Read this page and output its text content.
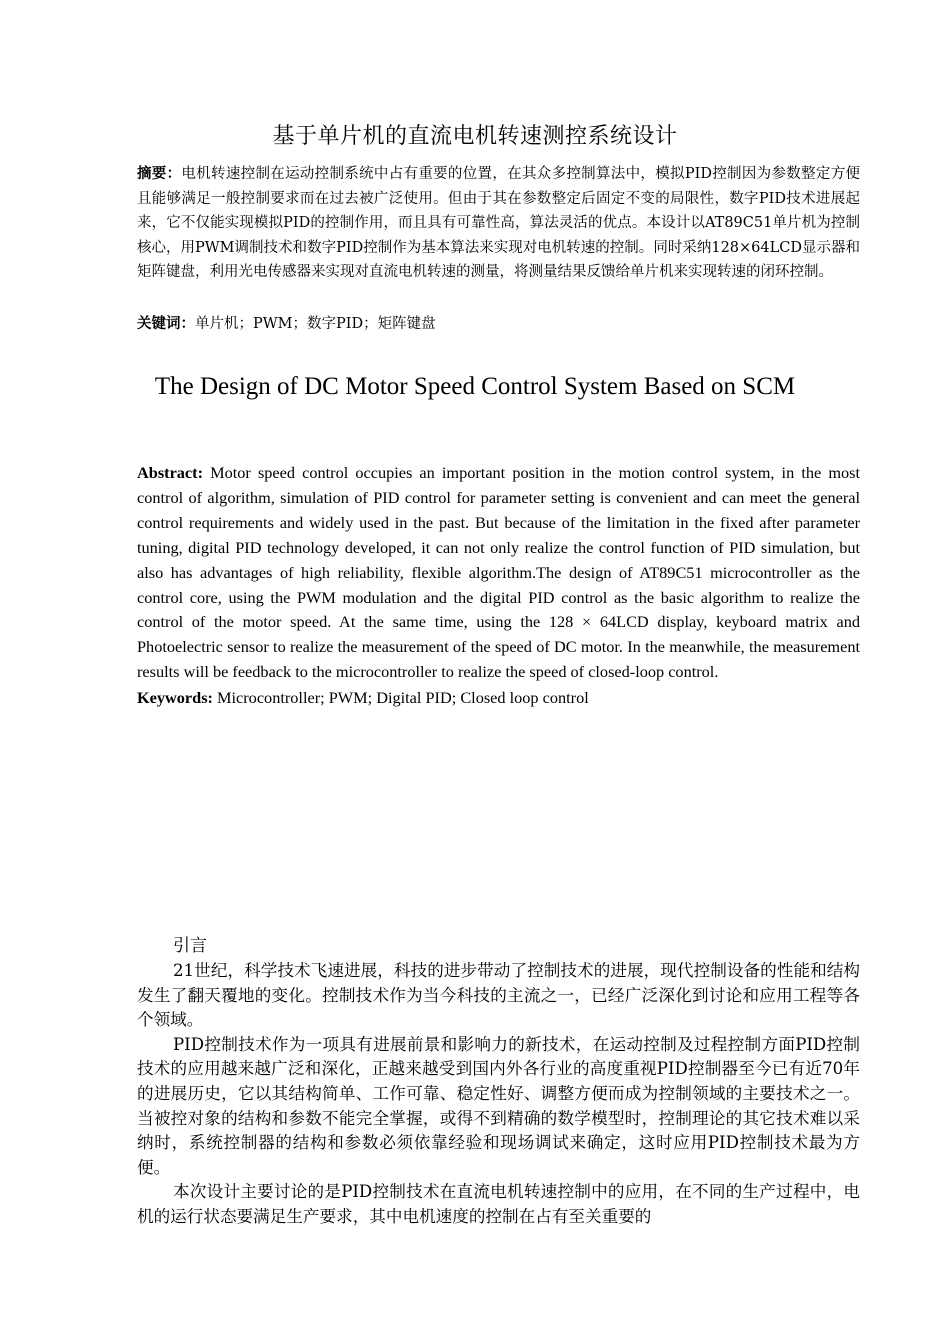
基于单片机的直流电机转速测控系统设计
摘要：电机转速控制在运动控制系统中占有重要的位置，在其众多控制算法中，模拟PID控制因为参数整定方便且能够满足一般控制要求而在过去被广泛使用。但由于其在参数整定后固定不变的局限性，数字PID技术进展起来，它不仅能实现模拟PID的控制作用，而且具有可靠性高，算法灵活的优点。本设计以AT89C51单片机为控制核心，用PWM调制技术和数字PID控制作为基本算法来实现对电机转速的控制。同时采纳128×64LCD显示器和矩阵键盘，利用光电传感器来实现对直流电机转速的测量，将测量结果反馈给单片机来实现转速的闭环控制。
关键词：单片机；PWM；数字PID；矩阵键盘
The Design of DC Motor Speed Control System Based on SCM
Abstract: Motor speed control occupies an important position in the motion control system, in the most control of algorithm, simulation of PID control for parameter setting is convenient and can meet the general control requirements and widely used in the past. But because of the limitation in the fixed after parameter tuning, digital PID technology developed, it can not only realize the control function of PID simulation, but also has advantages of high reliability, flexible algorithm.The design of AT89C51 microcontroller as the control core, using the PWM modulation and the digital PID control as the basic algorithm to realize the control of the motor speed. At the same time, using the 128 × 64LCD display, keyboard matrix and Photoelectric sensor to realize the measurement of the speed of DC motor. In the meanwhile, the measurement results will be feedback to the microcontroller to realize the speed of closed-loop control.
Keywords: Microcontroller; PWM; Digital PID; Closed loop control
引言

21世纪，科学技术飞速进展，科技的进步带动了控制技术的进展，现代控制设备的性能和结构发生了翻天覆地的变化。控制技术作为当今科技的主流之一，已经广泛深化到讨论和应用工程等各个领域。

PID控制技术作为一项具有进展前景和影响力的新技术，在运动控制及过程控制方面PID控制技术的应用越来越广泛和深化，正越来越受到国内外各行业的高度重视PID控制器至今已有近70年的进展历史，它以其结构简单、工作可靠、稳定性好、调整方便而成为控制领域的主要技术之一。当被控对象的结构和参数不能完全掌握，或得不到精确的数学模型时，控制理论的其它技术难以采纳时，系统控制器的结构和参数必须依靠经验和现场调试来确定，这时应用PID控制技术最为方便。

本次设计主要讨论的是PID控制技术在直流电机转速控制中的应用，在不同的生产过程中，电机的运行状态要满足生产要求，其中电机速度的控制在占有至关重要的
